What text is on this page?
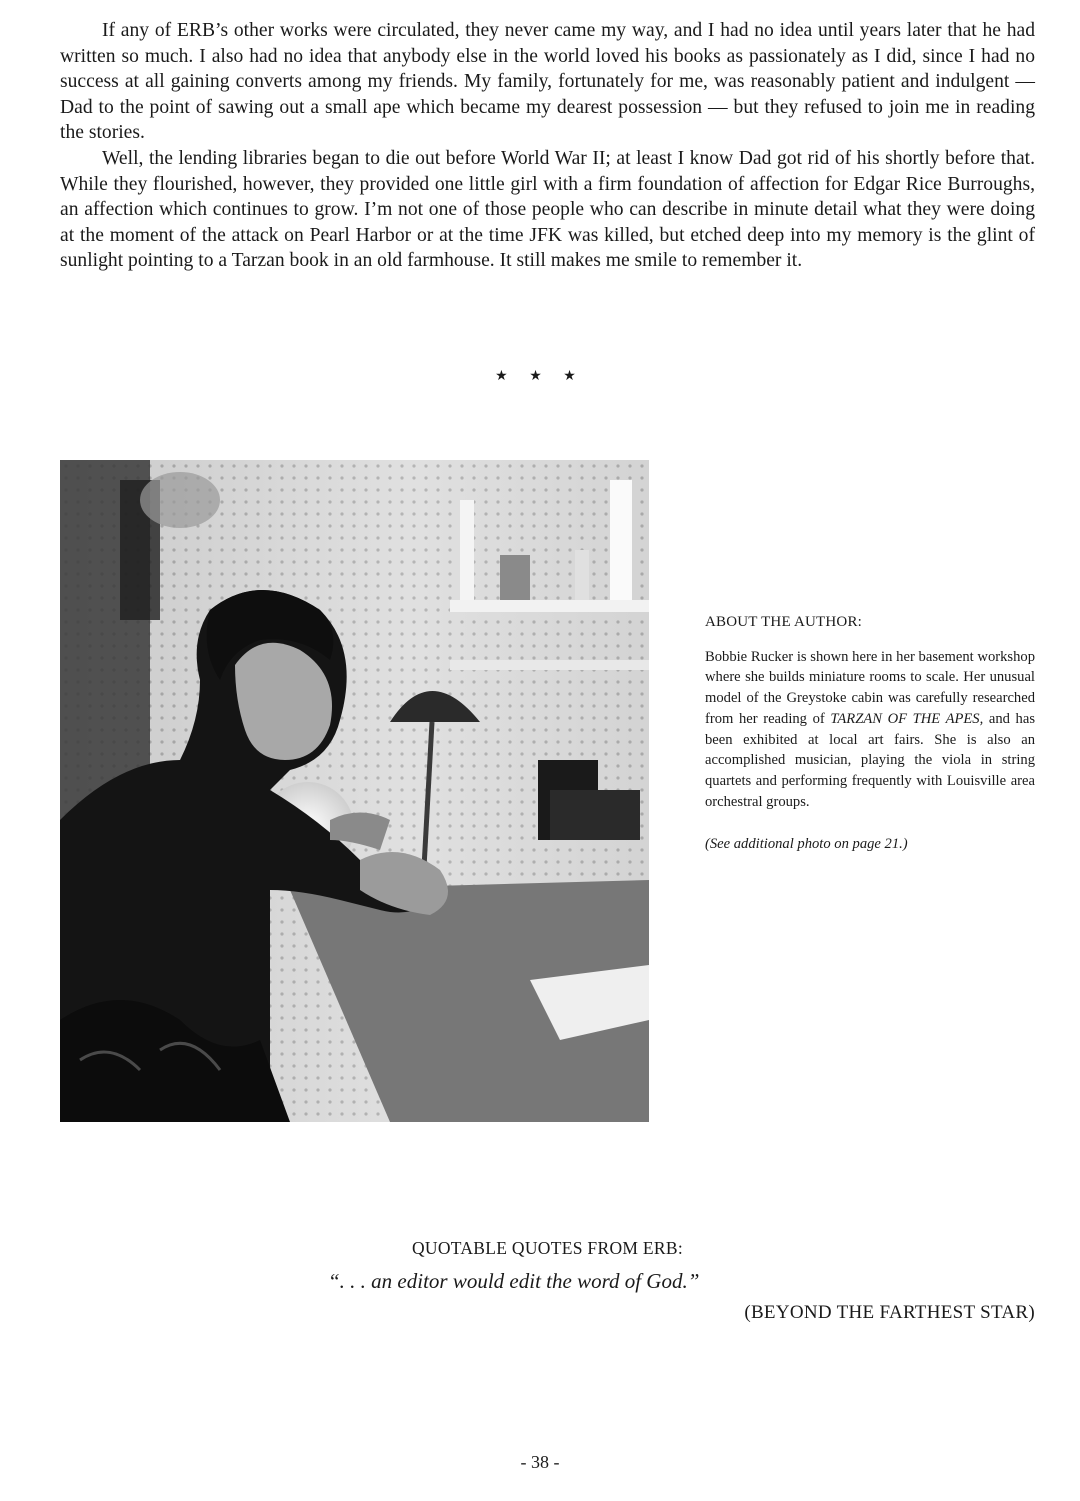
If any of ERB’s other works were circulated, they never came my way, and I had no idea until years later that he had written so much. I also had no idea that anybody else in the world loved his books as passionately as I did, since I had no success at all gaining converts among my friends. My family, fortunately for me, was reasonably patient and indulgent — Dad to the point of sawing out a small ape which became my dearest possession — but they refused to join me in reading the stories.

Well, the lending libraries began to die out before World War II; at least I know Dad got rid of his shortly before that. While they flourished, however, they provided one little girl with a firm foundation of affection for Edgar Rice Burroughs, an affection which continues to grow. I’m not one of those people who can describe in minute detail what they were doing at the moment of the attack on Pearl Harbor or at the time JFK was killed, but etched deep into my memory is the glint of sunlight pointing to a Tarzan book in an old farmhouse. It still makes me smile to remember it.

★ ★ ★

ABOUT THE AUTHOR:

Bobbie Rucker is shown here in her basement workshop where she builds miniature rooms to scale. Her unusual model of the Greystoke cabin was carefully researched from her reading of TARZAN OF THE APES, and has been exhibited at local art fairs. She is also an accomplished musician, playing the viola in string quartets and performing frequently with Louisville area orchestral groups.

(See additional photo on page 21.)

QUOTABLE QUOTES FROM ERB:

“. . . an editor would edit the word of God.”

(BEYOND THE FARTHEST STAR)

- 38 -
